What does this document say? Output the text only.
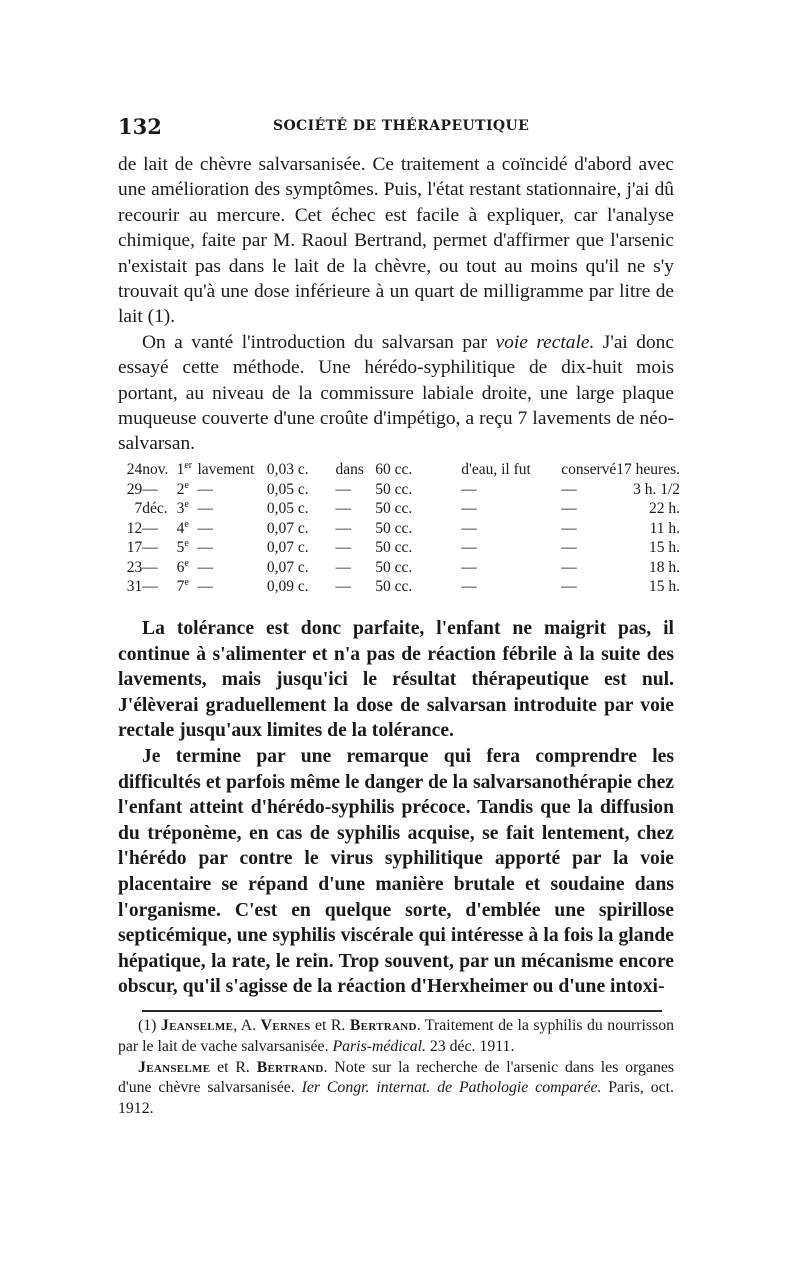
132	SOCIÉTÉ DE THÉRAPEUTIQUE

de lait de chèvre salvarsanisée. Ce traitement a coïncidé d'abord avec une amélioration des symptômes. Puis, l'état restant stationnaire, j'ai dû recourir au mercure. Cet échec est facile à expliquer, car l'analyse chimique, faite par M. Raoul Bertrand, permet d'affirmer que l'arsenic n'existait pas dans le lait de la chèvre, ou tout au moins qu'il ne s'y trouvait qu'à une dose inférieure à un quart de milligramme par litre de lait (1).

On a vanté l'introduction du salvarsan par voie rectale. J'ai donc essayé cette méthode. Une hérédo-syphilitique de dix-huit mois portant, au niveau de la commissure labiale droite, une large plaque muqueuse couverte d'une croûte d'impétigo, a reçu 7 lavements de néo-salvarsan.

24	nov.	1er	lavement	0,03 c.	dans	60 cc.	d'eau, il fut	conservé	17 heures.
29	—	2e	—	0,05 c.	—	50 cc.	—	—	3 h. 1/2
7	déc.	3e	—	0,05 c.	—	50 cc.	—	—	22 h.
12	—	4e	—	0,07 c.	—	50 cc.	—	—	11 h.
17	—	5e	—	0,07 c.	—	50 cc.	—	—	15 h.
23	—	6e	—	0,07 c.	—	50 cc.	—	—	18 h.
31	—	7e	—	0,09 c.	—	50 cc.	—	—	15 h.

La tolérance est donc parfaite, l'enfant ne maigrit pas, il continue à s'alimenter et n'a pas de réaction fébrile à la suite des lavements, mais jusqu'ici le résultat thérapeutique est nul. J'élèverai graduellement la dose de salvarsan introduite par voie rectale jusqu'aux limites de la tolérance.

Je termine par une remarque qui fera comprendre les difficultés et parfois même le danger de la salvarsanothérapie chez l'enfant atteint d'hérédo-syphilis précoce. Tandis que la diffusion du tréponème, en cas de syphilis acquise, se fait lentement, chez l'hérédo par contre le virus syphilitique apporté par la voie placentaire se répand d'une manière brutale et soudaine dans l'organisme. C'est en quelque sorte, d'emblée une spirillose septicémique, une syphilis viscérale qui intéresse à la fois la glande hépatique, la rate, le rein. Trop souvent, par un mécanisme encore obscur, qu'il s'agisse de la réaction d'Herxheimer ou d'une intoxi-

(1) Jeanselme, A. Vernes et R. Bertrand. Traitement de la syphilis du nourrisson par le lait de vache salvarsanisée. Paris-médical. 23 déc. 1911.

Jeanselme et R. Bertrand. Note sur la recherche de l'arsenic dans les organes d'une chèvre salvarsanisée. Ier Congr. internat. de Pathologie comparée. Paris, oct. 1912.
